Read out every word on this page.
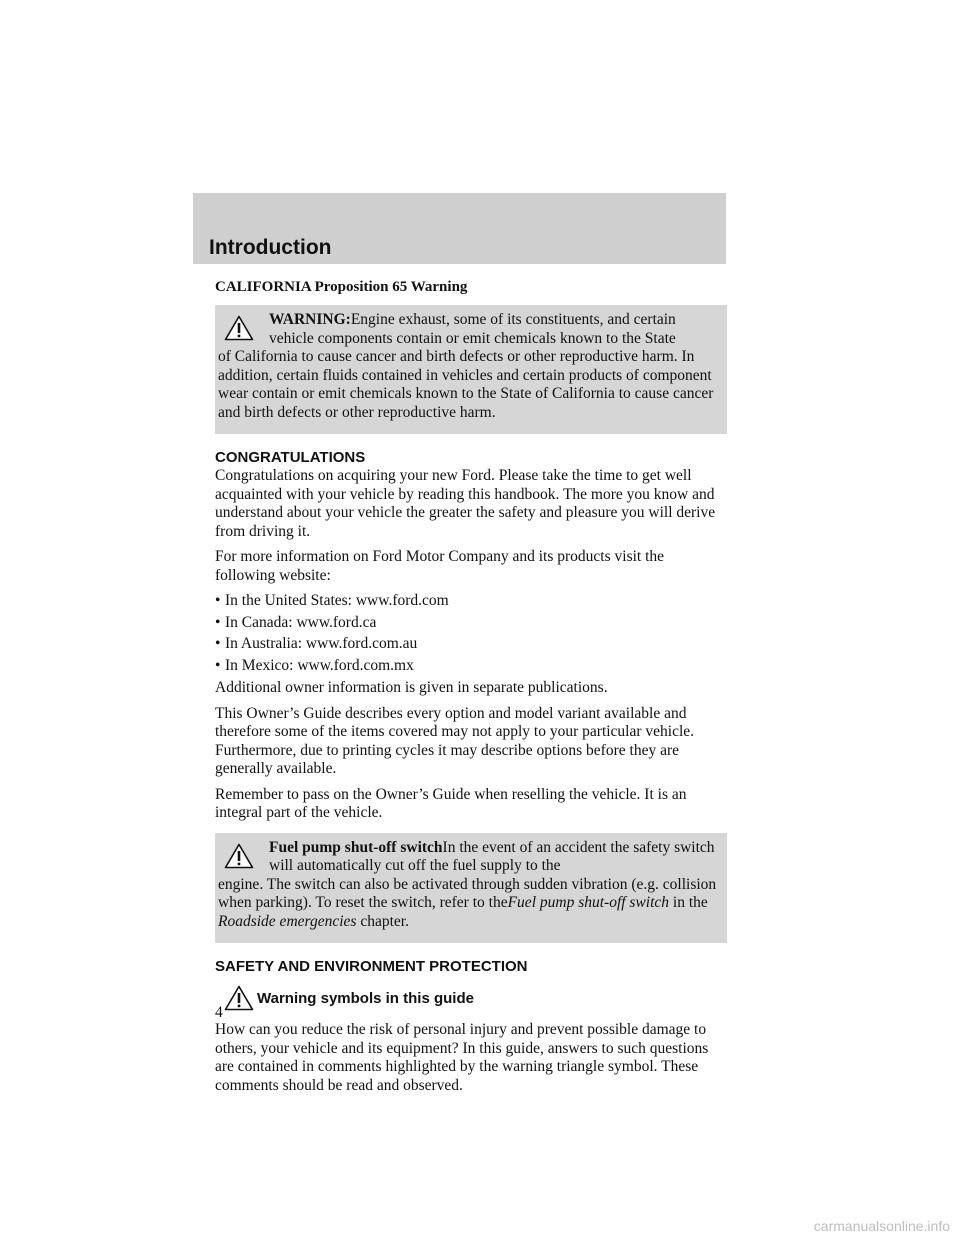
Introduction
CALIFORNIA Proposition 65 Warning
WARNING:Engine exhaust, some of its constituents, and certain vehicle components contain or emit chemicals known to the State
of California to cause cancer and birth defects or other reproductive harm. In addition, certain fluids contained in vehicles and certain products of component wear contain or emit chemicals known to the State of California to cause cancer and birth defects or other reproductive harm.
CONGRATULATIONS

Congratulations on acquiring your new Ford. Please take the time to get well acquainted with your vehicle by reading this handbook. The more you know and understand about your vehicle the greater the safety and pleasure you will derive from driving it.

For more information on Ford Motor Company and its products visit the following website:

• In the United States: www.ford.com
• In Canada: www.ford.ca
• In Australia: www.ford.com.au
• In Mexico: www.ford.com.mx

Additional owner information is given in separate publications.

This Owner’s Guide describes every option and model variant available and therefore some of the items covered may not apply to your particular vehicle. Furthermore, due to printing cycles it may describe options before they are generally available.

Remember to pass on the Owner’s Guide when reselling the vehicle. It is an integral part of the vehicle.

Fuel pump shut-off switchIn the event of an accident the safety switch will automatically cut off the fuel supply to the
engine. The switch can also be activated through sudden vibration (e.g. collision when parking). To reset the switch, refer to theFuel pump shut-off switch in the Roadside emergencies chapter.
SAFETY AND ENVIRONMENT PROTECTION
Warning symbols in this guide

How can you reduce the risk of personal injury and prevent possible damage to others, your vehicle and its equipment? In this guide, answers to such questions are contained in comments highlighted by the warning triangle symbol. These comments should be read and observed.

4
carmanualsonline.info
